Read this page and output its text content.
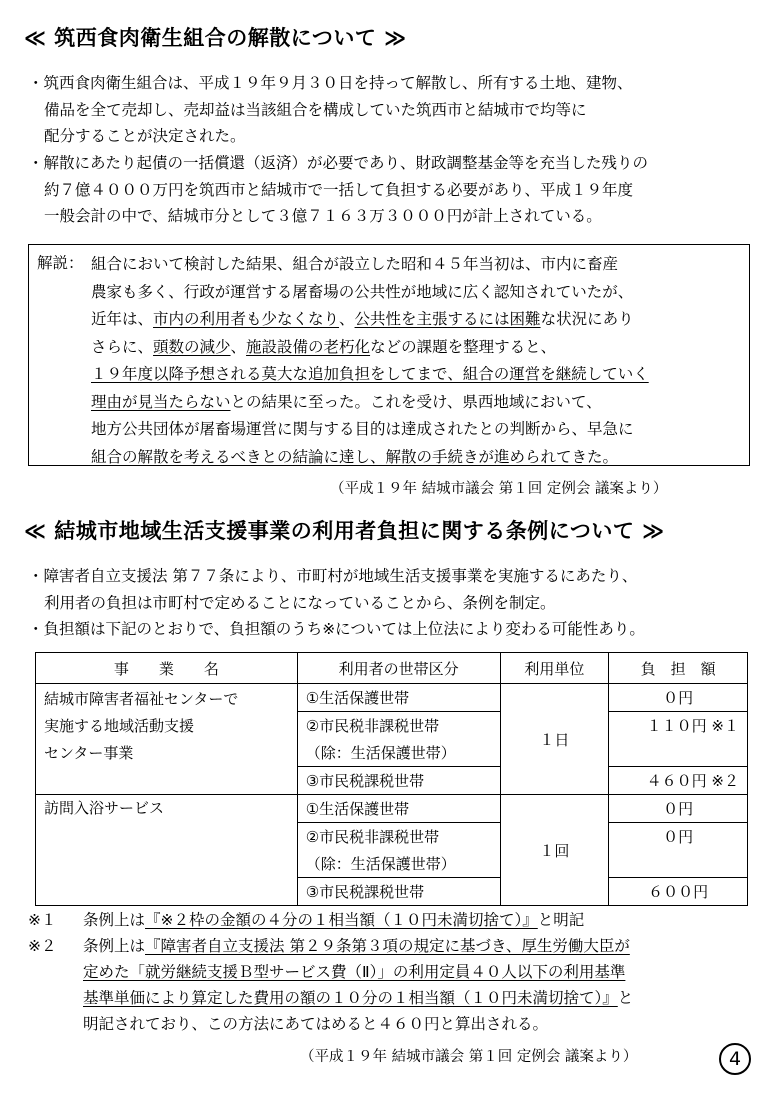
≪ 筑西食肉衛生組合の解散について ≫

・筑西食肉衛生組合は、平成１９年９月３０日を持って解散し、所有する土地、建物、

備品を全て売却し、売却益は当該組合を構成していた筑西市と結城市で均等に

配分することが決定された。

・解散にあたり起債の一括償還（返済）が必要であり、財政調整基金等を充当した残りの

約７億４０００万円を筑西市と結城市で一括して負担する必要があり、平成１９年度

一般会計の中で、結城市分として３億７１６３万３０００円が計上されている。

解説： 組合において検討した結果、組合が設立した昭和４５年当初は、市内に畜産

農家も多く、行政が運営する屠畜場の公共性が地域に広く認知されていたが、

近年は、市内の利用者も少なくなり、公共性を主張するには困難な状況にあり

さらに、頭数の減少、施設設備の老朽化などの課題を整理すると、

１９年度以降予想される莫大な追加負担をしてまで、組合の運営を継続していく

理由が見当たらないとの結果に至った。これを受け、県西地域において、

地方公共団体が屠畜場運営に関与する目的は達成されたとの判断から、早急に

組合の解散を考えるべきとの結論に達し、解散の手続きが進められてきた。

（平成１９年 結城市議会 第１回 定例会 議案より）
≪ 結城市地域生活支援事業の利用者負担に関する条例について ≫

・障害者自立支援法 第７７条により、市町村が地域生活支援事業を実施するにあたり、

利用者の負担は市町村で定めることになっていることから、条例を制定。

・負担額は下記のとおりで、負担額のうち※については上位法により変わる可能性あり。

事　　業　　名	利用者の世帯区分	利用単位	負　担　額

結城市障害者福祉センターで
実施する地域活動支援
センター事業	①生活保護世帯	１日	０円
	②市民税非課税世帯		１１０円 ※１
	（除：生活保護世帯）		
	③市民税課税世帯		４６０円 ※２
訪問入浴サービス	①生活保護世帯	１回	０円
	②市民税非課税世帯		０円
	（除：生活保護世帯）		
	③市民税課税世帯		６００円
※１ 条例上は『※２枠の金額の４分の１相当額（１０円未満切捨て）』と明記
※２ 条例上は『障害者自立支援法 第２９条第３項の規定に基づき、厚生労働大臣が
定めた「就労継続支援Ｂ型サービス費（Ⅱ）」の利用定員４０人以下の利用基準
基準単価により算定した費用の額の１０分の１相当額（１０円未満切捨て）』と
明記されており、この方法にあてはめると４６０円と算出される。
（平成１９年 結城市議会 第１回 定例会 議案より）	4
